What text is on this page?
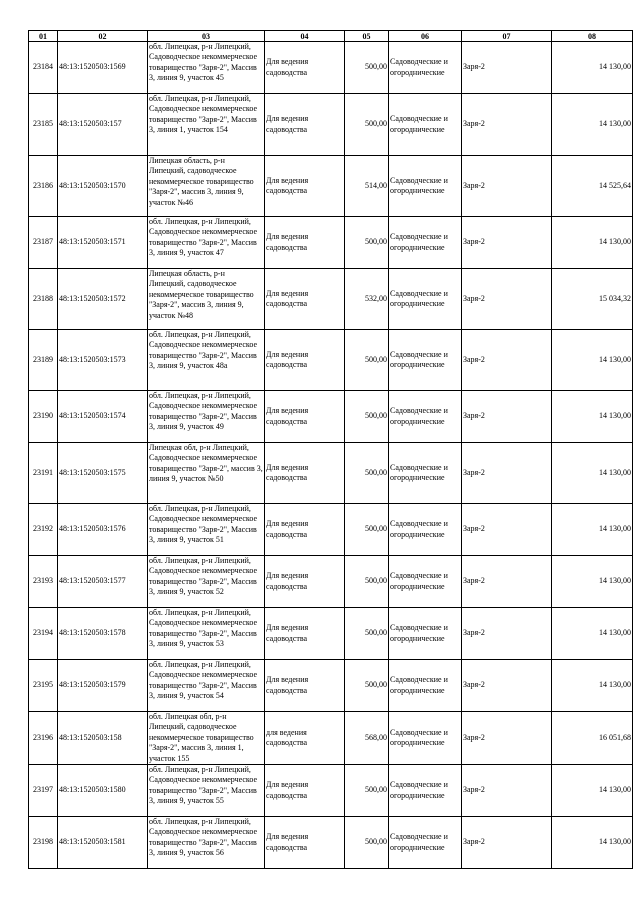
01	02	03	04	05	06	07	08

23184	48:13:1520503:1569	обл. Липецкая, р-н Липецкий, Садоводческое некоммерческое товарищество "Заря-2", Массив 3, линия 9, участок 45	Для ведения садоводства	500,00	Садоводческие и огороднические	Заря-2	14 130,00

23185	48:13:1520503:157	обл. Липецкая, р-н Липецкий, Садоводческое некоммерческое товарищество "Заря-2", Массив 3, линия 1, участок 154	Для ведения садоводства	500,00	Садоводческие и огороднические	Заря-2	14 130,00

23186	48:13:1520503:1570	Липецкая область, р-н Липецкий, садоводческое некоммерческое товарищество "Заря-2", массив 3, линия 9, участок №46	Для ведения садоводства	514,00	Садоводческие и огороднические	Заря-2	14 525,64

23187	48:13:1520503:1571	обл. Липецкая, р-н Липецкий, Садоводческое некоммерческое товарищество "Заря-2", Массив 3, линия 9, участок 47	Для ведения садоводства	500,00	Садоводческие и огороднические	Заря-2	14 130,00

23188	48:13:1520503:1572	Липецкая область, р-н Липецкий, садоводческое некоммерческое товарищество "Заря-2", массив 3, линия 9, участок №48	Для ведения садоводства	532,00	Садоводческие и огороднические	Заря-2	15 034,32

23189	48:13:1520503:1573	обл. Липецкая, р-н Липецкий, Садоводческое некоммерческое товарищество "Заря-2", Массив 3, линия 9, участок 48а	Для ведения садоводства	500,00	Садоводческие и огороднические	Заря-2	14 130,00

23190	48:13:1520503:1574	обл. Липецкая, р-н Липецкий, Садоводческое некоммерческое товарищество "Заря-2", Массив 3, линия 9, участок 49	Для ведения садоводства	500,00	Садоводческие и огороднические	Заря-2	14 130,00

23191	48:13:1520503:1575	Липецкая обл, р-н Липецкий, Садоводческое некоммерческое товарищество "Заря-2", массив 3, линия 9, участок №50	Для ведения садоводства	500,00	Садоводческие и огороднические	Заря-2	14 130,00

23192	48:13:1520503:1576	обл. Липецкая, р-н Липецкий, Садоводческое некоммерческое товарищество "Заря-2", Массив 3, линия 9, участок 51	Для ведения садоводства	500,00	Садоводческие и огороднические	Заря-2	14 130,00

23193	48:13:1520503:1577	обл. Липецкая, р-н Липецкий, Садоводческое некоммерческое товарищество "Заря-2", Массив 3, линия 9, участок 52	Для ведения садоводства	500,00	Садоводческие и огороднические	Заря-2	14 130,00

23194	48:13:1520503:1578	обл. Липецкая, р-н Липецкий, Садоводческое некоммерческое товарищество "Заря-2", Массив 3, линия 9, участок 53	Для ведения садоводства	500,00	Садоводческие и огороднические	Заря-2	14 130,00

23195	48:13:1520503:1579	обл. Липецкая, р-н Липецкий, Садоводческое некоммерческое товарищество "Заря-2", Массив 3, линия 9, участок 54	Для ведения садоводства	500,00	Садоводческие и огороднические	Заря-2	14 130,00

23196	48:13:1520503:158	обл. Липецкая обл, р-н Липецкий, садоводческое некоммерческое товарищество "Заря-2", массив 3, линия 1, участок 155	для ведения садоводства	568,00	Садоводческие и огороднические	Заря-2	16 051,68

23197	48:13:1520503:1580	обл. Липецкая, р-н Липецкий, Садоводческое некоммерческое товарищество "Заря-2", Массив 3, линия 9, участок 55	Для ведения садоводства	500,00	Садоводческие и огороднические	Заря-2	14 130,00

23198	48:13:1520503:1581	обл. Липецкая, р-н Липецкий, Садоводческое некоммерческое товарищество "Заря-2", Массив 3, линия 9, участок 56	Для ведения садоводства	500,00	Садоводческие и огороднические	Заря-2	14 130,00
